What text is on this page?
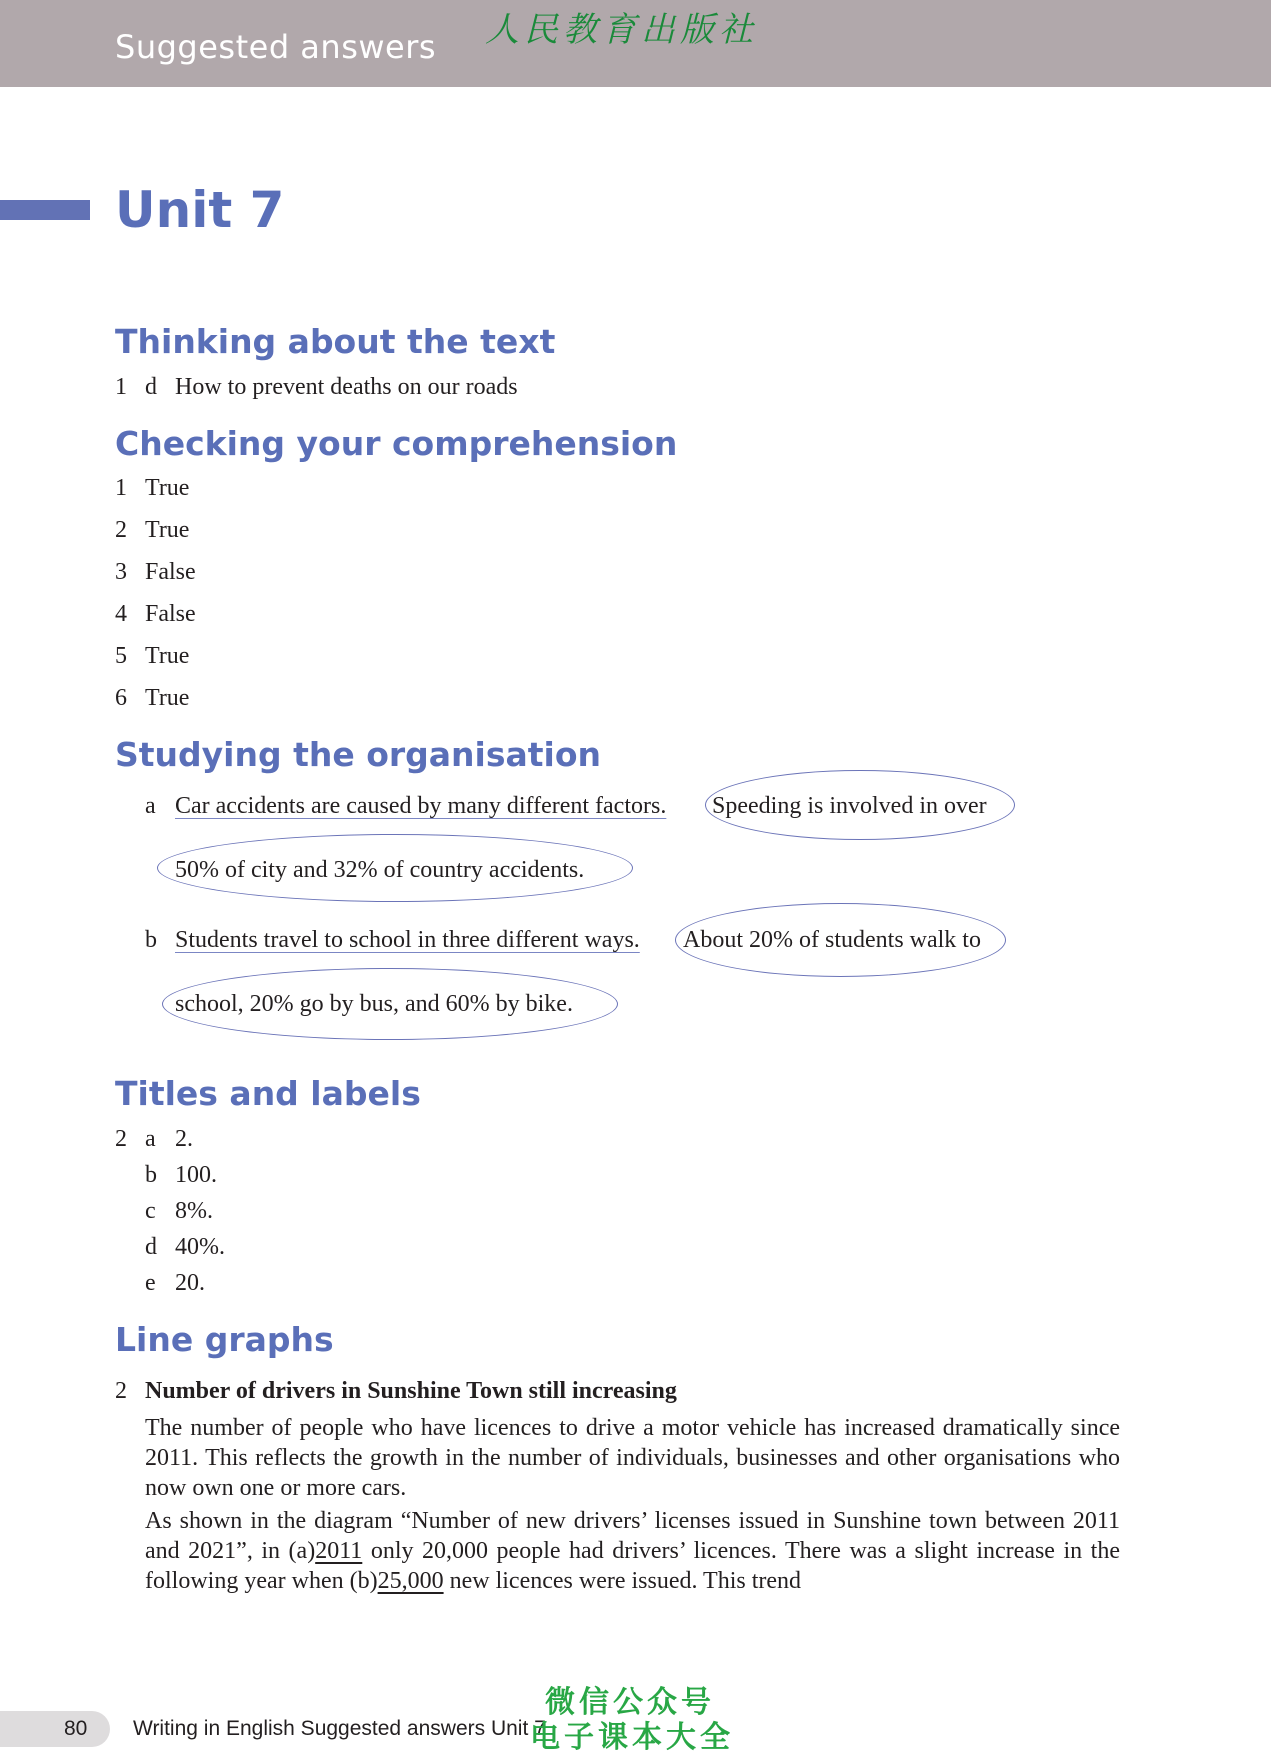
Suggested answers 人民教育出版社
Unit 7
Thinking about the text
1 d How to prevent deaths on our roads
Checking your comprehension
1 True
2 True
3 False
4 False
5 True
6 True
Studying the organisation
a Car accidents are caused by many different factors. Speeding is involved in over
50% of city and 32% of country accidents.
b Students travel to school in three different ways. About 20% of students walk to
school, 20% go by bus, and 60% by bike.
Titles and labels
2 a 2.
b 100.
c 8%.
d 40%.
e 20.
Line graphs
2 Number of drivers in Sunshine Town still increasing

The number of people who have licences to drive a motor vehicle has increased dramatically since 2011. This reflects the growth in the number of individuals, businesses and other organisations who now own one or more cars.

As shown in the diagram “Number of new drivers’ licenses issued in Sunshine town between 2011 and 2021”, in (a)2011 only 20,000 people had drivers’ licences. There was a slight increase in the following year when (b)25,000 new licences were issued. This trend

80 Writing in English Suggested answers Unit 7
微信公众号
电子课本大全
